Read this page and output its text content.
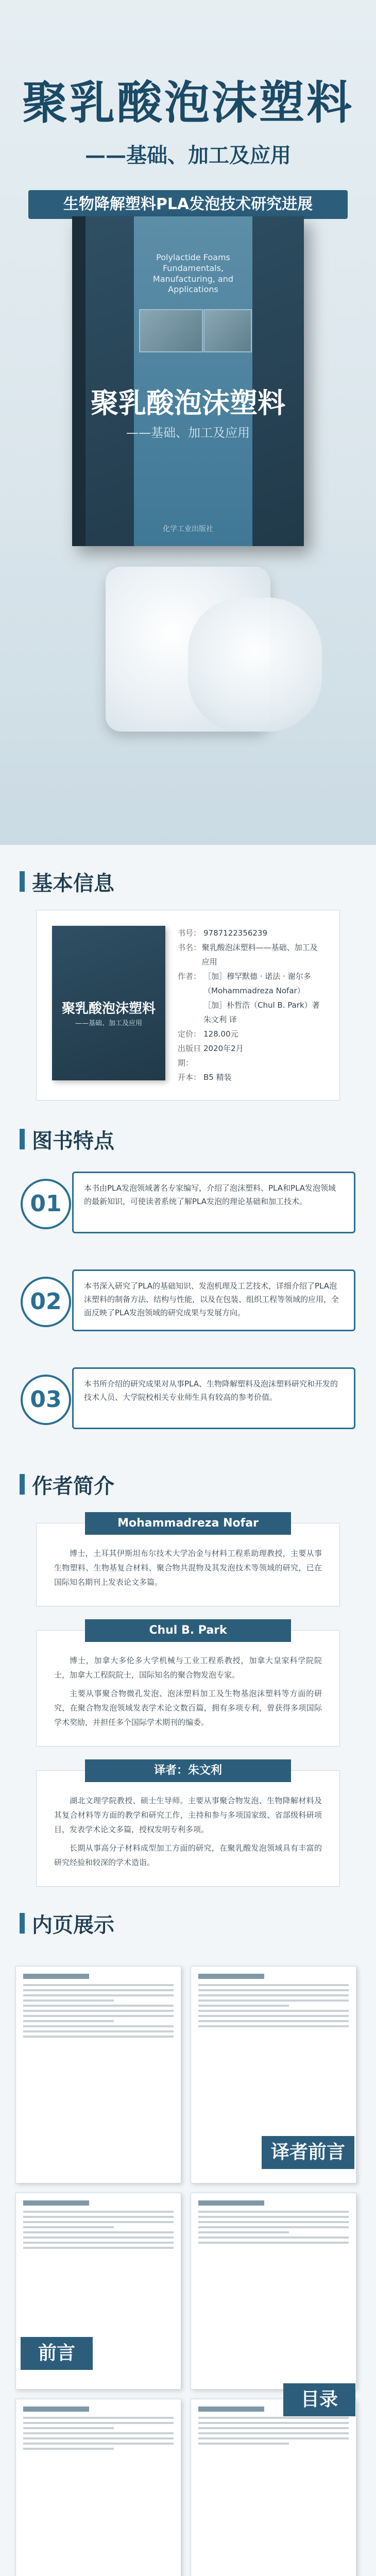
聚乳酸泡沫塑料
——基础、加工及应用
生物降解塑料PLA发泡技术研究进展
Polylactide Foams
Fundamentals, Manufacturing, and Applications
聚乳酸泡沫塑料
——基础、加工及应用
化学工业出版社
基本信息
聚乳酸泡沫塑料
——基础、加工及应用
书号： 9787122356239
书名： 聚乳酸泡沫塑料——基础、加工及应用
作者： ［加］穆罕默德 · 诺法 · 谢尔多
（Mohammadreza Nofar）
［加］朴哲浩（Chul B. Park）著
朱文利 译
定价： 128.00元
出版日期：
2020年2月
开本： B5 精装
图书特点
01
本书由PLA发泡领域著名专家编写，介绍了泡沫塑料、PLA和PLA发泡领域的最新知识，可使读者系统了解PLA发泡的理论基础和加工技术。
02
本书深入研究了PLA的基础知识、发泡机理及工艺技术，详细介绍了PLA泡沫塑料的制备方法、结构与性能，以及在包装、组织工程等领域的应用，全面反映了PLA发泡领域的研究成果与发展方向。
03
本书所介绍的研究成果对从事PLA、生物降解塑料及泡沫塑料研究和开发的技术人员、大学院校相关专业师生具有较高的参考价值。
作者简介
Mohammadreza Nofar

博士，土耳其伊斯坦布尔技术大学冶金与材料工程系助理教授，主要从事生物塑料、生物基复合材料、聚合物共混物及其发泡技术等领域的研究，已在国际知名期刊上发表论文多篇。

Chul B. Park

博士，加拿大多伦多大学机械与工业工程系教授，加拿大皇家科学院院士，加拿大工程院院士，国际知名的聚合物发泡专家。

主要从事聚合物微孔发泡、泡沫塑料加工及生物基泡沫塑料等方面的研究，在聚合物发泡领域发表学术论文数百篇，拥有多项专利，曾获得多项国际学术奖励，并担任多个国际学术期刊的编委。

译者：朱文利

湖北文理学院教授、硕士生导师。主要从事聚合物发泡、生物降解材料及其复合材料等方面的教学和研究工作，主持和参与多项国家级、省部级科研项目，发表学术论文多篇，授权发明专利多项。

长期从事高分子材料成型加工方面的研究，在聚乳酸发泡领域具有丰富的研究经验和较深的学术造诣。

内页展示
译者前言
前言
目录
